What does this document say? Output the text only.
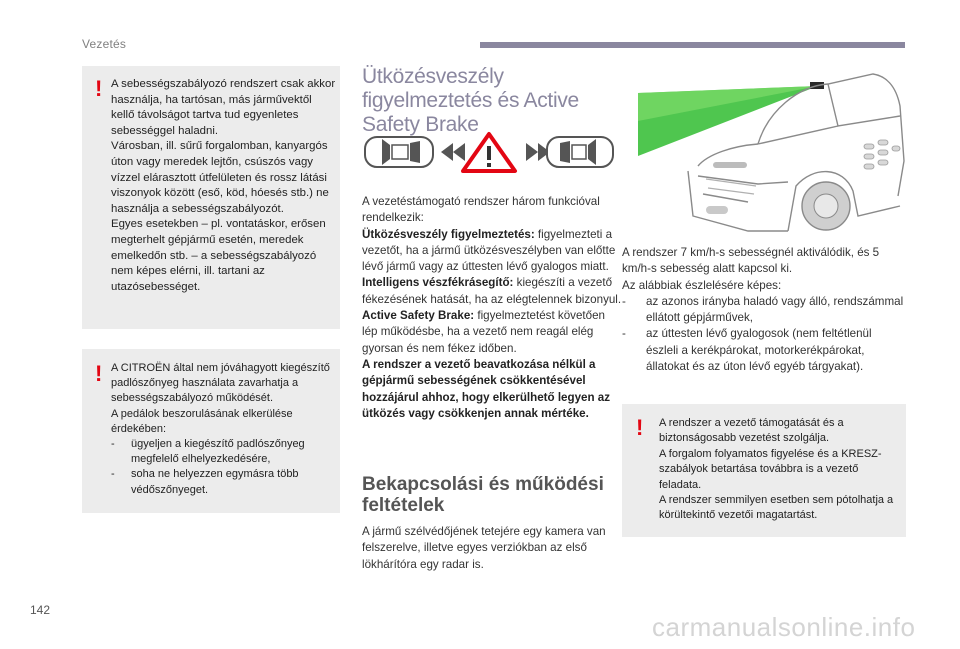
Vezetés
! A sebességszabályozó rendszert csak akkor használja, ha tartósan, más járművektől kellő távolságot tartva tud egyenletes sebességgel haladni.

Városban, ill. sűrű forgalomban, kanyargós úton vagy meredek lejtőn, csúszós vagy vízzel elárasztott útfelületen és rossz látási viszonyok között (eső, köd, hóesés stb.) ne használja a sebességszabályozót.

Egyes esetekben – pl. vontatáskor, erősen megterhelt gépjármű esetén, meredek emelkedőn stb. – a sebességszabályozó nem képes elérni, ill. tartani az utazósebességet.

! A CITROËN által nem jóváhagyott kiegészítő padlószőnyeg használata zavarhatja a sebességszabályozó működését.

A pedálok beszorulásának elkerülése érdekében:

- ügyeljen a kiegészítő padlószőnyeg megfelelő elhelyezkedésére,
- soha ne helyezzen egymásra több védőszőnyeget.
Ütközésveszély figyelmeztetés és Active Safety Brake

A vezetéstámogató rendszer három funkcióval rendelkezik:

Ütközésveszély figyelmeztetés: figyelmezteti a vezetőt, ha a jármű ütközésveszélyben van előtte lévő jármű vagy az úttesten lévő gyalogos miatt.

Intelligens vészfékrásegítő: kiegészíti a vezető fékezésének hatását, ha az elégtelennek bizonyul.

Active Safety Brake: figyelmeztetést követően lép működésbe, ha a vezető nem reagál elég gyorsan és nem fékez időben.

A rendszer a vezető beavatkozása nélkül a gépjármű sebességének csökkentésével hozzájárul ahhoz, hogy elkerülhető legyen az ütközés vagy csökkenjen annak mértéke.

Bekapcsolási és működési feltételek
A jármű szélvédőjének tetejére egy kamera van felszerelve, illetve egyes verziókban az első lökhárítóra egy radar is.

A rendszer 7 km/h-s sebességnél aktiválódik, és 5 km/h-s sebesség alatt kapcsol ki.

Az alábbiak észlelésére képes:

- az azonos irányba haladó vagy álló, rendszámmal ellátott gépjárművek,
- az úttesten lévő gyalogosok (nem feltétlenül észleli a kerékpárokat, motorkerékpárokat, állatokat és az úton lévő egyéb tárgyakat).
! A rendszer a vezető támogatását és a biztonságosabb vezetést szolgálja.

A forgalom folyamatos figyelése és a KRESZ-szabályok betartása továbbra is a vezető feladata.

A rendszer semmilyen esetben sem pótolhatja a körültekintő vezetői magatartást.

142
carmanualsonline.info
